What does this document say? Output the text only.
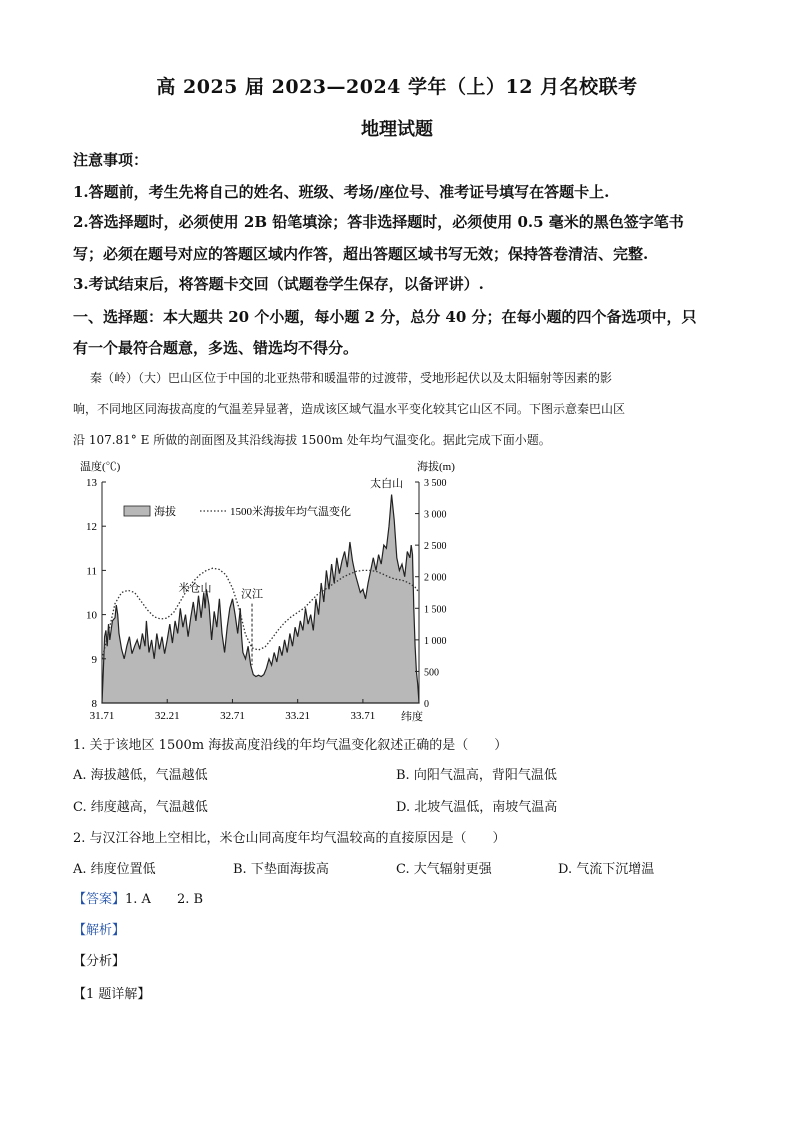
高 2025 届 2023—2024 学年（上）12 月名校联考
地理试题
注意事项：
1.答题前，考生先将自己的姓名、班级、考场/座位号、准考证号填写在答题卡上.
2.答选择题时，必须使用 2B 铅笔填涂；答非选择题时，必须使用 0.5 毫米的黑色签字笔书
写；必须在题号对应的答题区域内作答，超出答题区域书写无效；保持答卷清洁、完整.
3.考试结束后，将答题卡交回（试题卷学生保存，以备评讲）.
一、选择题：本大题共 20 个小题，每小题 2 分，总分 40 分；在每小题的四个备选项中，只
有一个最符合题意，多选、错选均不得分。
秦（岭）（大）巴山区位于中国的北亚热带和暖温带的过渡带，受地形起伏以及太阳辐射等因素的影
响，不同地区同海拔高度的气温差异显著，造成该区域气温水平变化较其它山区不同。下图示意秦巴山区
沿 107.81° E 所做的剖面图及其沿线海拔 1500m 处年均气温变化。据此完成下面小题。
8
9
10
11
12
13
0
500
1 000
1 500
2 000
2 500
3 000
3 500
31.71	32.21	32.71	33.21	33.71
温度(℃)	海拔(m)
纬度
海拔	1500米海拔年均气温变化
米仓山
汉江
太白山
1. 关于该地区 1500m 海拔高度沿线的年均气温变化叙述正确的是（　　）
A. 海拔越低，气温越低	B. 向阳气温高，背阳气温低
C. 纬度越高，气温越低	D. 北坡气温低，南坡气温高
2. 与汉江谷地上空相比，米仓山同高度年均气温较高的直接原因是（　　）
A. 纬度位置低	B. 下垫面海拔高	C. 大气辐射更强	D. 气流下沉增温
【答案】1. A　　2. B
【解析】
【分析】
【1 题详解】
